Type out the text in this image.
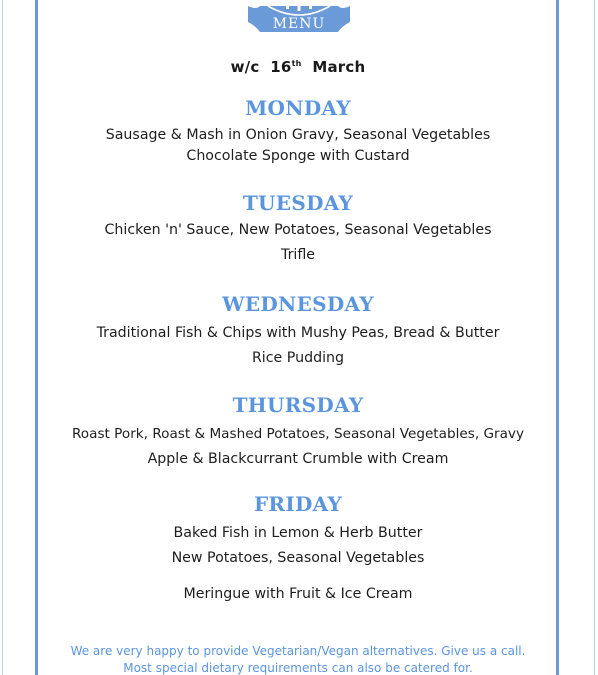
MENU
w/c 16th March
MONDAY
Sausage & Mash in Onion Gravy, Seasonal Vegetables
Chocolate Sponge with Custard
TUESDAY
Chicken 'n' Sauce, New Potatoes, Seasonal Vegetables
Trifle
WEDNESDAY
Traditional Fish & Chips with Mushy Peas, Bread & Butter
Rice Pudding
THURSDAY
Roast Pork, Roast & Mashed Potatoes, Seasonal Vegetables, Gravy
Apple & Blackcurrant Crumble with Cream
FRIDAY
Baked Fish in Lemon & Herb Butter
New Potatoes, Seasonal Vegetables
Meringue with Fruit & Ice Cream
We are very happy to provide Vegetarian/Vegan alternatives. Give us a call.
Most special dietary requirements can also be catered for.
